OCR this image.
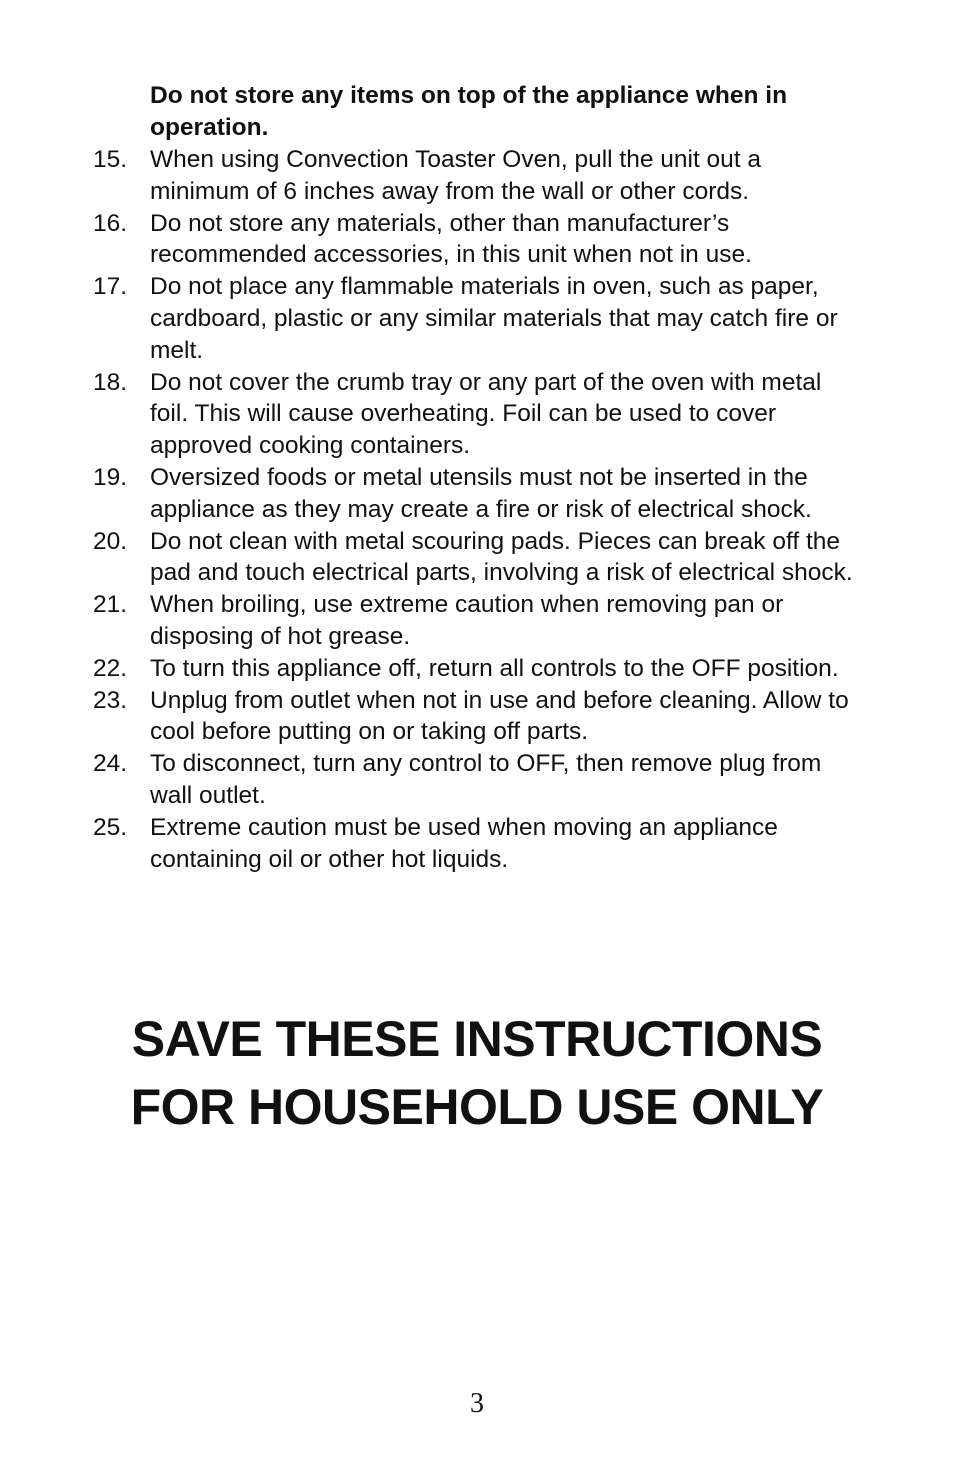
Do not store any items on top of the appliance when in operation.
15. When using Convection Toaster Oven, pull the unit out a minimum of 6 inches away from the wall or other cords.
16. Do not store any materials, other than manufacturer’s recommended accessories, in this unit when not in use.
17. Do not place any flammable materials in oven, such as paper, cardboard, plastic or any similar materials that may catch fire or melt.
18. Do not cover the crumb tray or any part of the oven with metal foil. This will cause overheating. Foil can be used to cover approved cooking containers.
19. Oversized foods or metal utensils must not be inserted in the appliance as they may create a fire or risk of electrical shock.
20. Do not clean with metal scouring pads. Pieces can break off the pad and touch electrical parts, involving a risk of electrical shock.
21. When broiling, use extreme caution when removing pan or disposing of hot grease.
22. To turn this appliance off, return all controls to the OFF position.
23. Unplug from outlet when not in use and before cleaning. Allow to cool before putting on or taking off parts.
24. To disconnect, turn any control to OFF, then remove plug from wall outlet.
25. Extreme caution must be used when moving an appliance containing oil or other hot liquids.
SAVE THESE INSTRUCTIONS
FOR HOUSEHOLD USE ONLY
3
